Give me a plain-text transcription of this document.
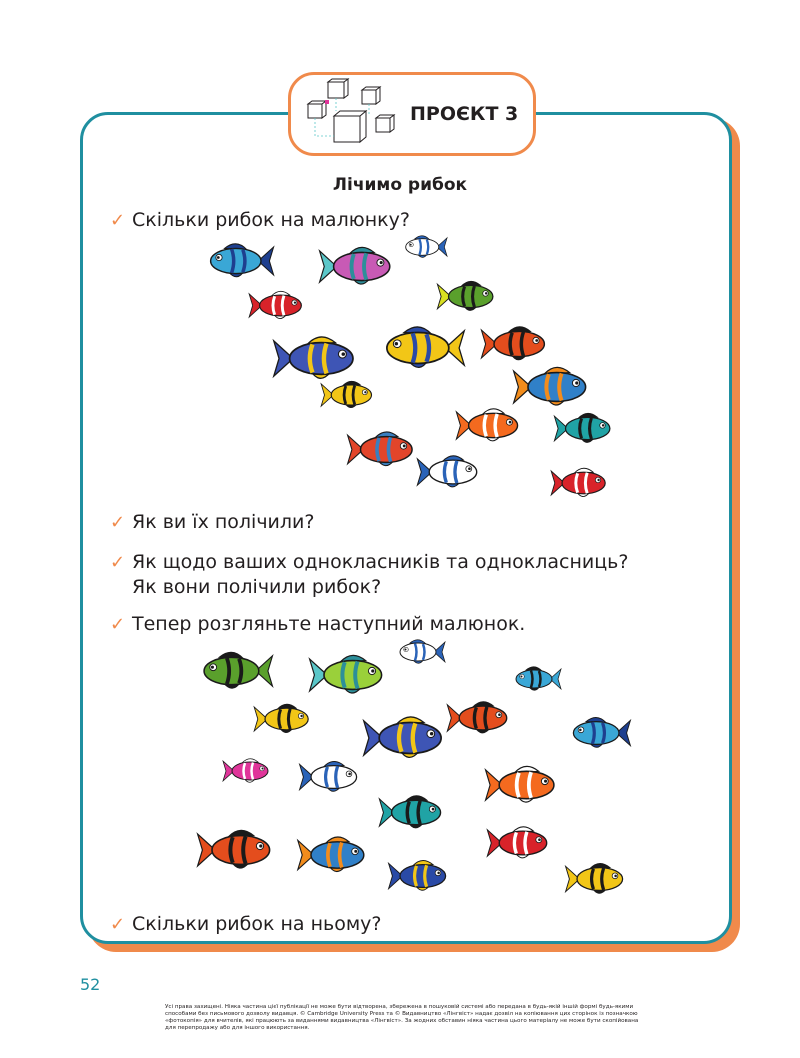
ПРОЄКТ 3
Лічимо рибок
✓ Скільки рибок на малюнку?
✓ Як ви їх полічили?
✓ Як щодо ваших однокласників та однокласниць?
Як вони полічили рибок?
✓ Тепер розгляньте наступний малюнок.
✓ Скільки рибок на ньому?
52
Усі права захищені. Ніяка частина цієї публікації не може бути відтворена, збережена в пошуковій системі або передана в будь-якій іншій формі будь-якими способами без письмового дозволу видавця. © Cambridge University Press та © Видавництво «Лінгвіст» надає дозвіл на копіювання цих сторінок із позначкою «фотокопія» для вчителів, які працюють за виданнями видавництва «Лінгвіст». За жодних обставин ніяка частина цього матеріалу не може бути скопійована для перепродажу або для іншого використання.
